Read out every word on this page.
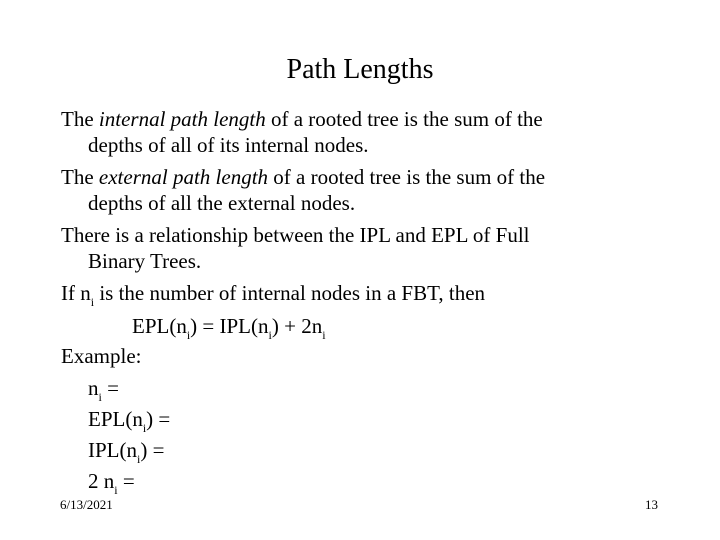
Path Lengths
The internal path length of a rooted tree is the sum of the
depths of all of its internal nodes.
The external path length of a rooted tree is the sum of the
depths of all the external nodes.
There is a relationship between the IPL and EPL of Full
Binary Trees.
If $n_i$ is the number of internal nodes in a FBT, then
$EPL(n_i) = IPL(n_i) + 2n_i$
Example:
$n_i$ =
$EPL(n_i)$ =
$IPL(n_i)$ =
2 $n_i$ =
6/13/2021	13
